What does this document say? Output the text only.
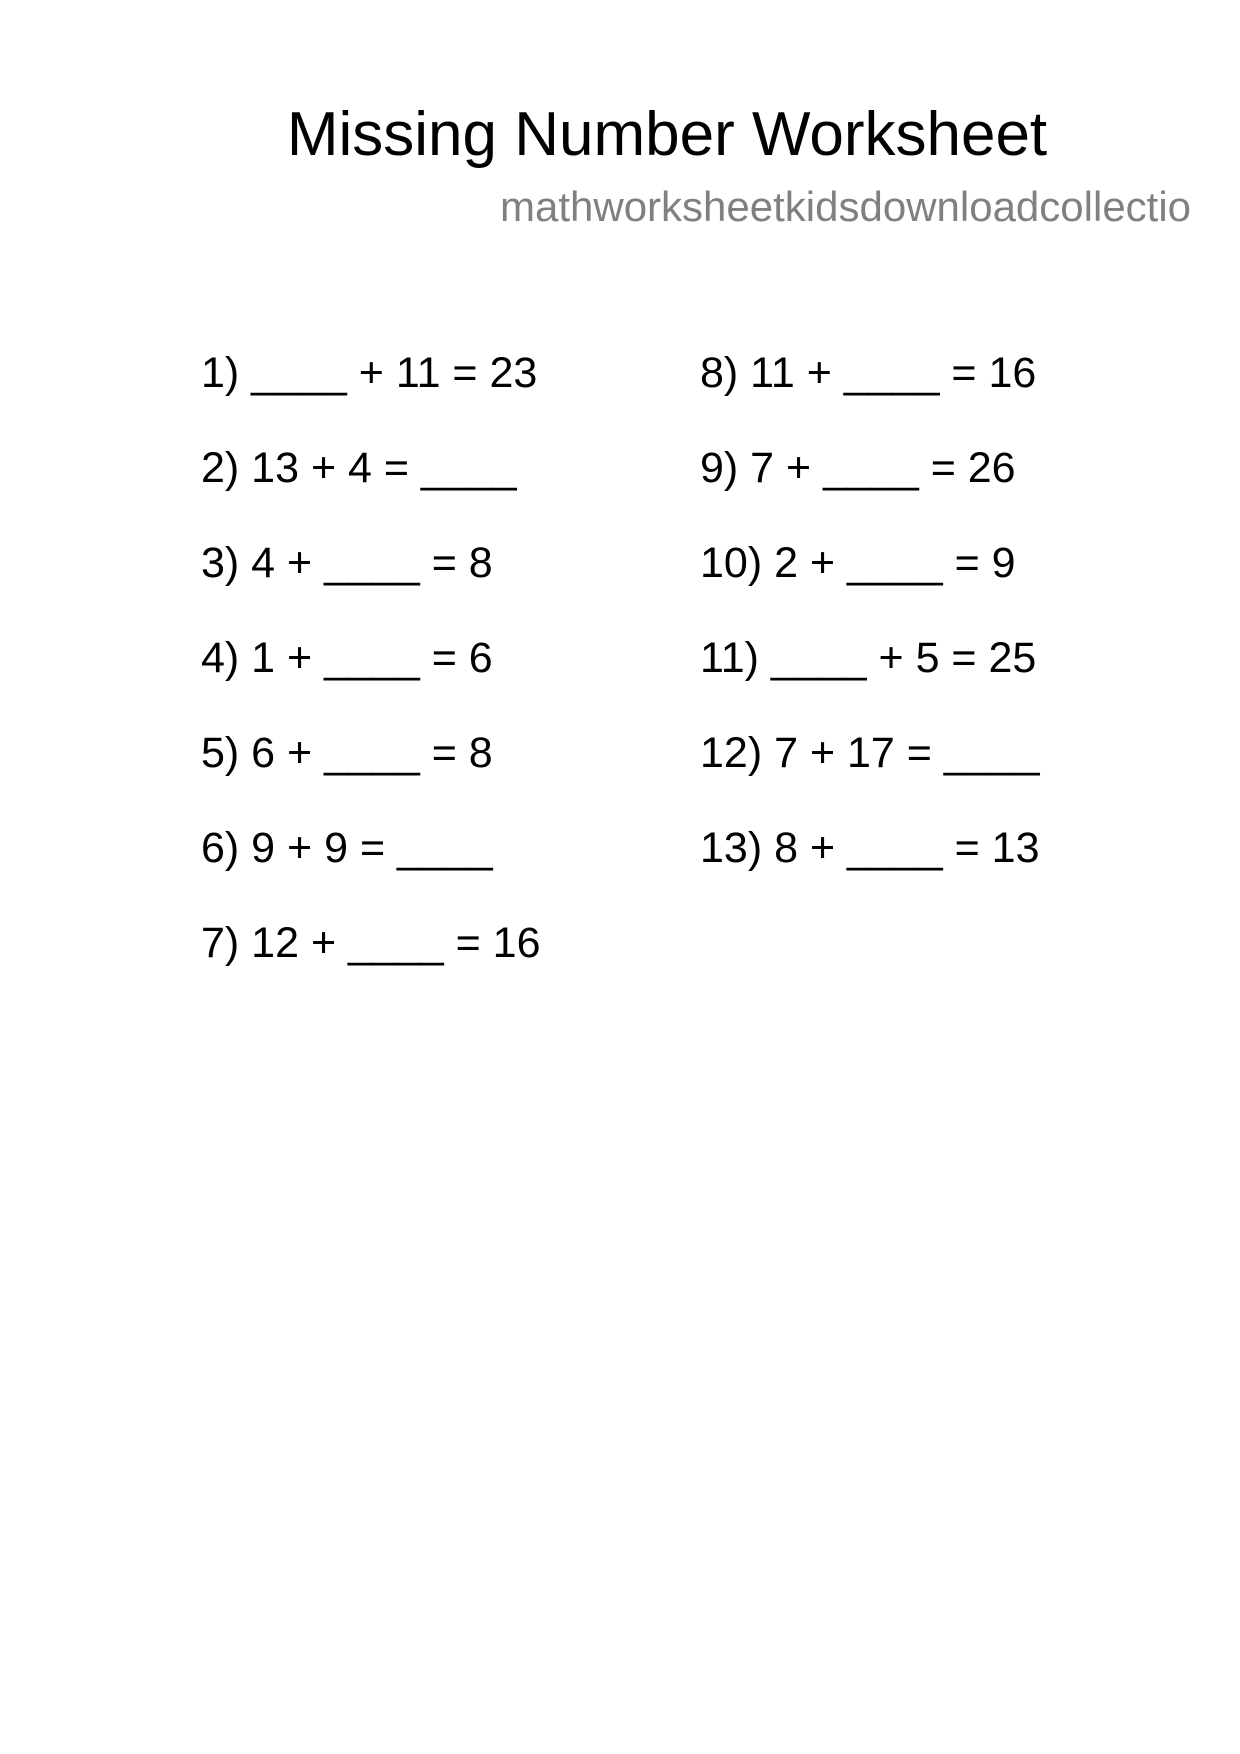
Missing Number Worksheet
mathworksheetkidsdownloadcollectio
1) ____ + 11 = 23
2) 13 + 4 = ____
3) 4 + ____ = 8
4) 1 + ____ = 6
5) 6 + ____ = 8
6) 9 + 9 = ____
7) 12 + ____ = 16
8) 11 + ____ = 16
9) 7 + ____ = 26
10) 2 + ____ = 9
11) ____ + 5 = 25
12) 7 + 17 = ____
13) 8 + ____ = 13
